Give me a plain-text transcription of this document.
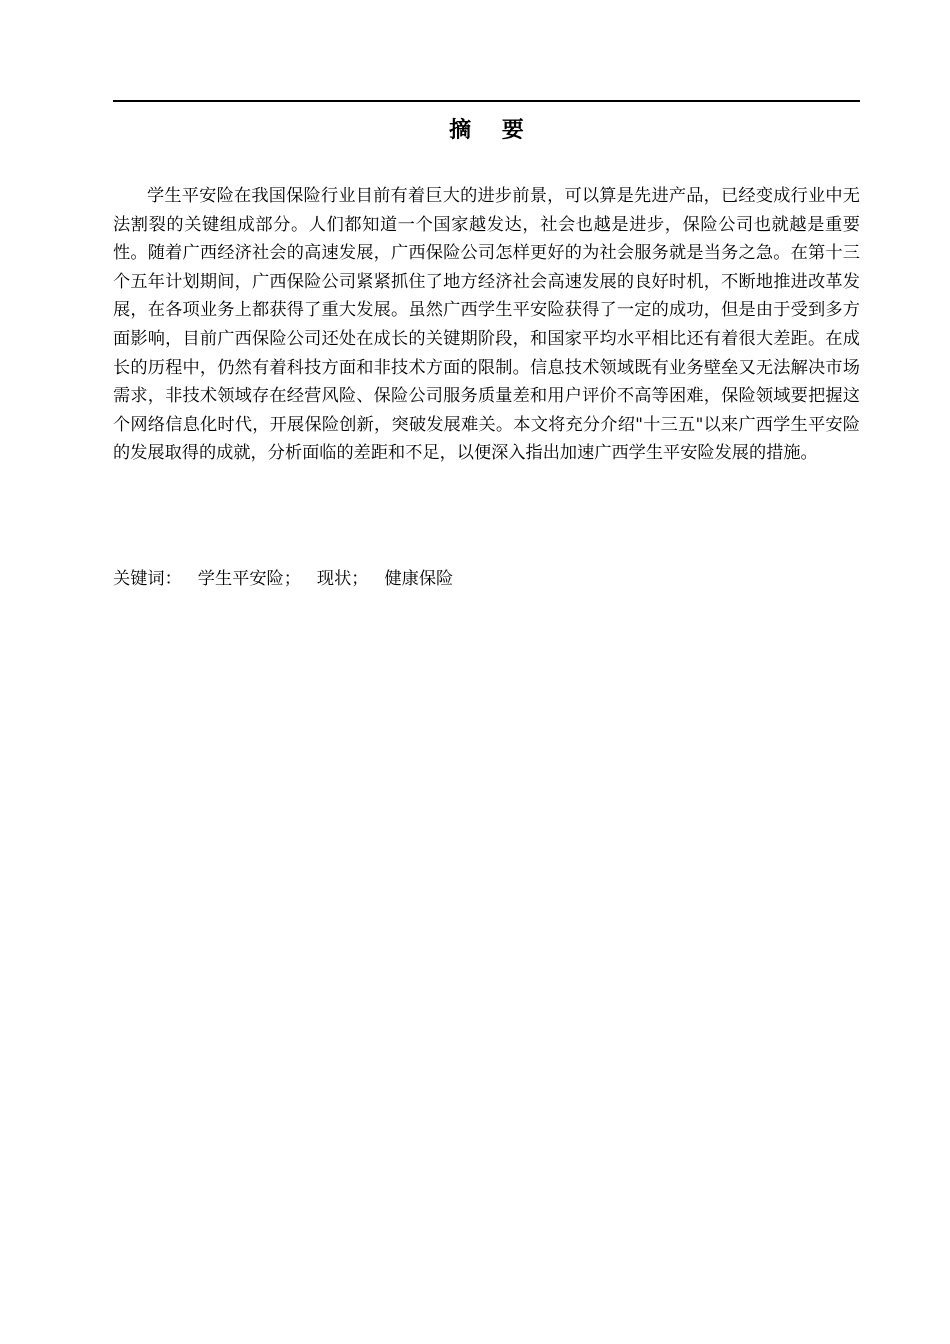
摘    要
学生平安险在我国保险行业目前有着巨大的进步前景，可以算是先进产品，已经变成行业中无法割裂的关键组成部分。人们都知道一个国家越发达，社会也越是进步，保险公司也就越是重要性。随着广西经济社会的高速发展，广西保险公司怎样更好的为社会服务就是当务之急。在第十三个五年计划期间，广西保险公司紧紧抓住了地方经济社会高速发展的良好时机，不断地推进改革发展，在各项业务上都获得了重大发展。虽然广西学生平安险获得了一定的成功，但是由于受到多方面影响，目前广西保险公司还处在成长的关键期阶段，和国家平均水平相比还有着很大差距。在成长的历程中，仍然有着科技方面和非技术方面的限制。信息技术领域既有业务壁垒又无法解决市场需求，非技术领域存在经营风险、保险公司服务质量差和用户评价不高等困难，保险领域要把握这个网络信息化时代，开展保险创新，突破发展难关。本文将充分介绍"十三五"以来广西学生平安险的发展取得的成就，分析面临的差距和不足，以便深入指出加速广西学生平安险发展的措施。
关键词： 学生平安险； 现状； 健康保险
